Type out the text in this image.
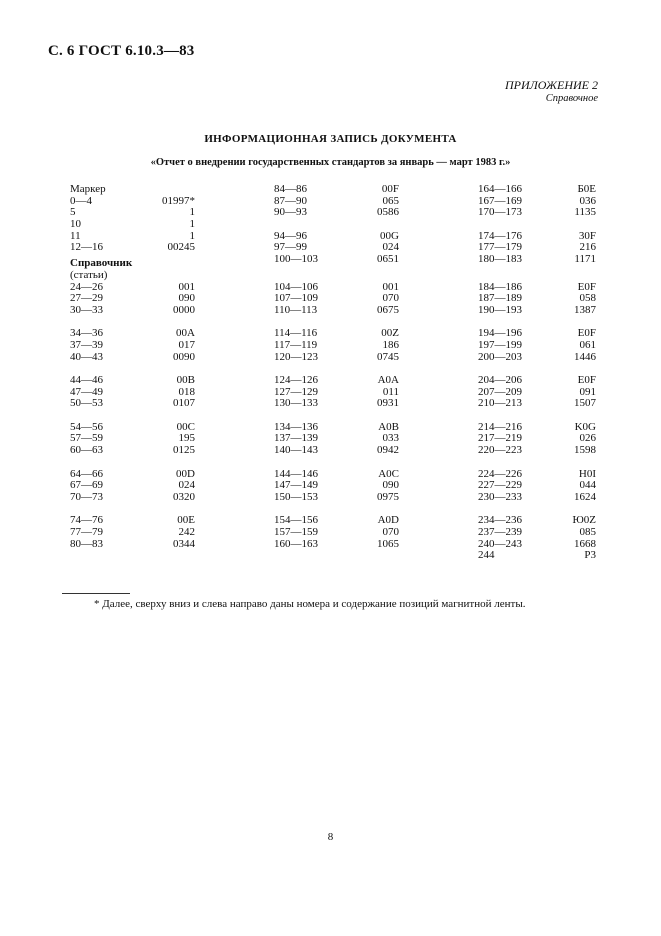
С. 6 ГОСТ 6.10.3—83
ПРИЛОЖЕНИЕ 2
Справочное
ИНФОРМАЦИОННАЯ ЗАПИСЬ ДОКУМЕНТА
«Отчет о внедрении государственных стандартов за январь — март 1983 г.»
Маркер
0—4	01997*
5	1
10	1
11	1
12—16	00245
Справочник
(статьи)
24—26	001
27—29	090
30—33	0000
34—36	00A
37—39	017
40—43	0090
44—46	00B
47—49	018
50—53	0107
54—56	00C
57—59	195
60—63	0125
64—66	00D
67—69	024
70—73	0320
74—76	00E
77—79	242
80—83	0344
84—86	00F
87—90	065
90—93	0586
94—96	00G
97—99	024
100—103	0651
104—106	001
107—109	070
110—113	0675
114—116	00Z
117—119	186
120—123	0745
124—126	A0A
127—129	011
130—133	0931
134—136	A0B
137—139	033
140—143	0942
144—146	A0C
147—149	090
150—153	0975
154—156	A0D
157—159	070
160—163	1065
164—166	Б0Е
167—169	036
170—173	1135
174—176	30F
177—179	216
180—183	1171
184—186	E0F
187—189	058
190—193	1387
194—196	E0F
197—199	061
200—203	1446
204—206	E0F
207—209	091
210—213	1507
214—216	K0G
217—219	026
220—223	1598
224—226	H0I
227—229	044
230—233	1624
234—236	Ю0Z
237—239	085
240—243	1668
244	P3
* Далее, сверху вниз и слева направо даны номера и содержание позиций магнитной ленты.
8
